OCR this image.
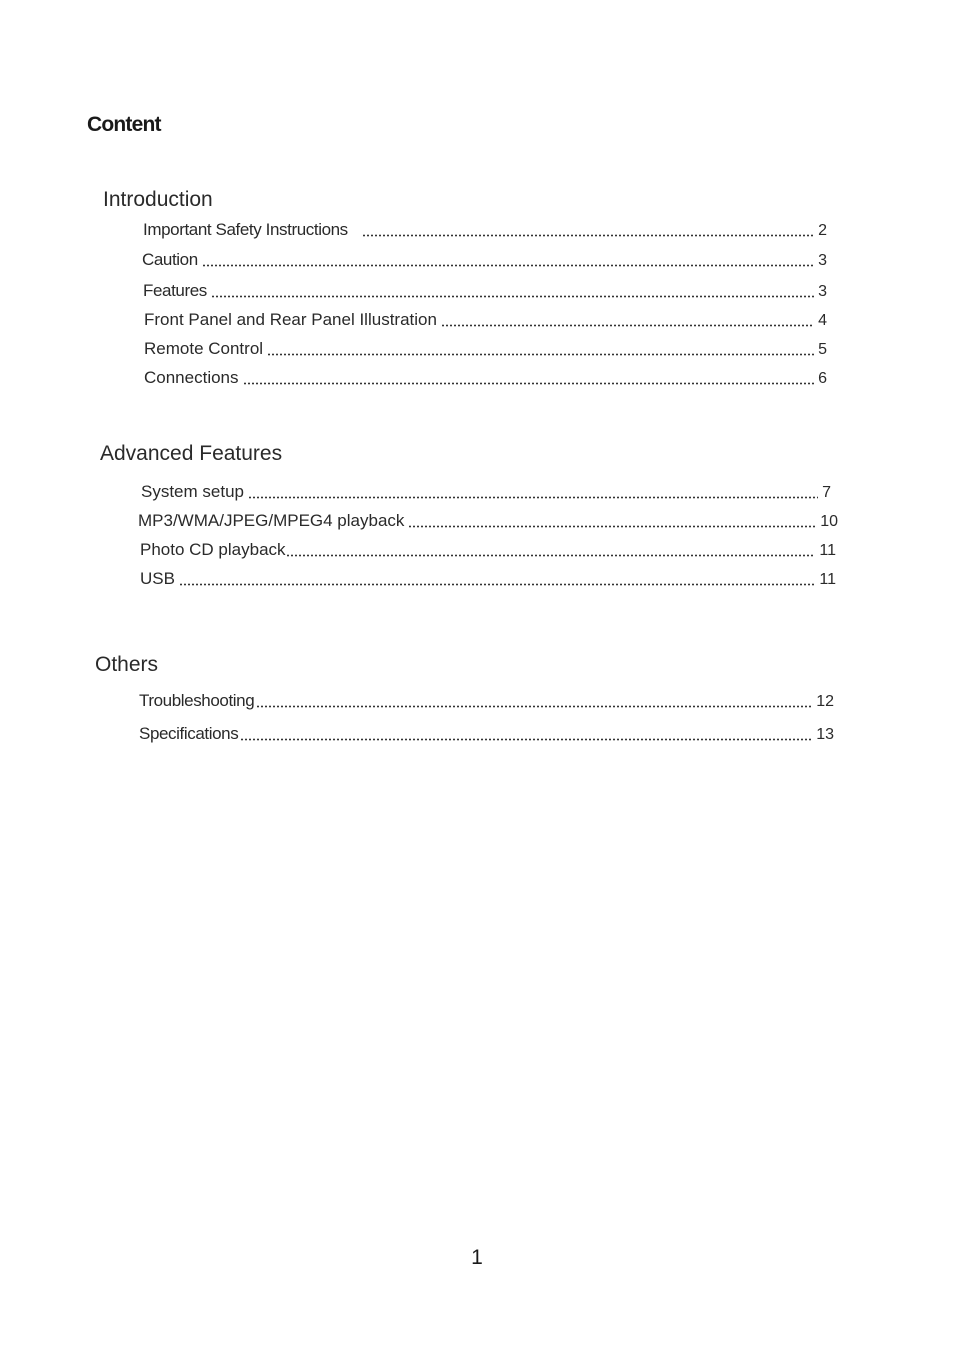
Content
Introduction
Important Safety Instructions	2
Caution	3
Features	3
Front Panel and Rear Panel Illustration	4
Remote Control	5
Connections	6
Advanced Features
System setup	7
MP3/WMA/JPEG/MPEG4 playback	10
Photo CD playback	11
USB	11
Others
Troubleshooting	12
Specifications	13
1
